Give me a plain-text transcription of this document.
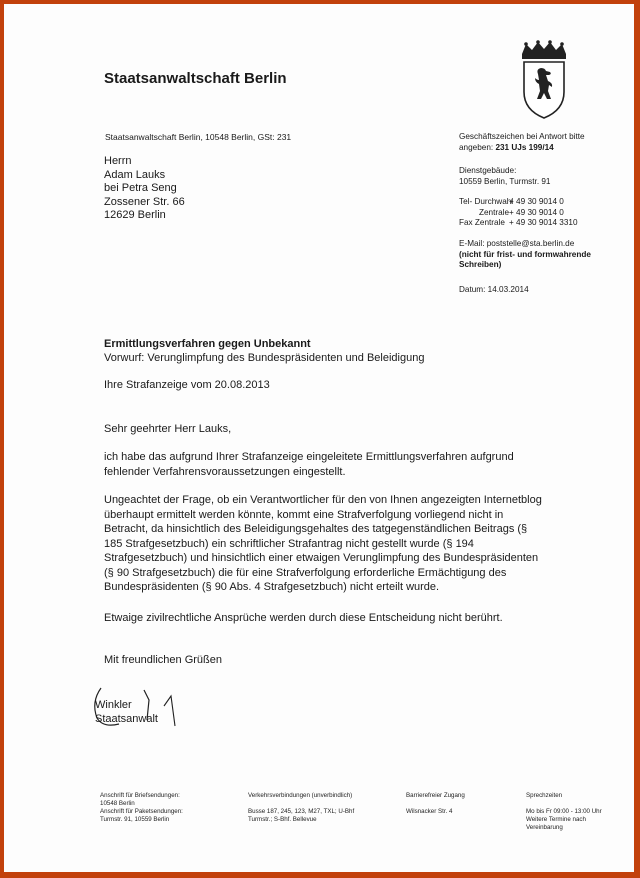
Staatsanwaltschaft Berlin
Staatsanwaltschaft Berlin, 10548 Berlin, GSt: 231
Herrn
Adam Lauks
bei Petra Seng
Zossener Str. 66
12629 Berlin
Geschäftszeichen bei Antwort bitte
angeben: 231 UJs 199/14
Dienstgebäude:
10559 Berlin, Turmstr. 91
Tel- Durchwahl
+ 49 30 9014 0
Zentrale + 49 30 9014 0
Fax Zentrale + 49 30 9014 3310
E-Mail: poststelle@sta.berlin.de
(nicht für frist- und formwahrende
Schreiben)
Datum: 14.03.2014
Ermittlungsverfahren gegen Unbekannt
Vorwurf: Verunglimpfung des Bundespräsidenten und Beleidigung
Ihre Strafanzeige vom 20.08.2013
Sehr geehrter Herr Lauks,
ich habe das aufgrund Ihrer Strafanzeige eingeleitete Ermittlungsverfahren aufgrund
fehlender Verfahrensvoraussetzungen eingestellt.
Ungeachtet der Frage, ob ein Verantwortlicher für den von Ihnen angezeigten Internetblog
überhaupt ermittelt werden könnte, kommt eine Strafverfolgung vorliegend nicht in
Betracht, da hinsichtlich des Beleidigungsgehaltes des tatgegenständlichen Beitrags (§
185 Strafgesetzbuch) ein schriftlicher Strafantrag nicht gestellt wurde (§ 194
Strafgesetzbuch) und hinsichtlich einer etwaigen Verunglimpfung des Bundespräsidenten
(§ 90 Strafgesetzbuch) die für eine Strafverfolgung erforderliche Ermächtigung des
Bundespräsidenten (§ 90 Abs. 4 Strafgesetzbuch) nicht erteilt wurde.
Etwaige zivilrechtliche Ansprüche werden durch diese Entscheidung nicht berührt.
Mit freundlichen Grüßen
Winkler
Staatsanwalt
Anschrift für Briefsendungen:
10548 Berlin
Anschrift für Paketsendungen:
Turmstr. 91, 10559 Berlin
Verkehrsverbindungen (unverbindlich)
Busse 187, 245, 123, M27, TXL; U-Bhf
Turmstr.; S-Bhf. Bellevue
Barrierefreier Zugang
Wilsnacker Str. 4
Sprechzeiten
Mo bis Fr 09:00 - 13:00 Uhr
Weitere Termine nach
Vereinbarung
